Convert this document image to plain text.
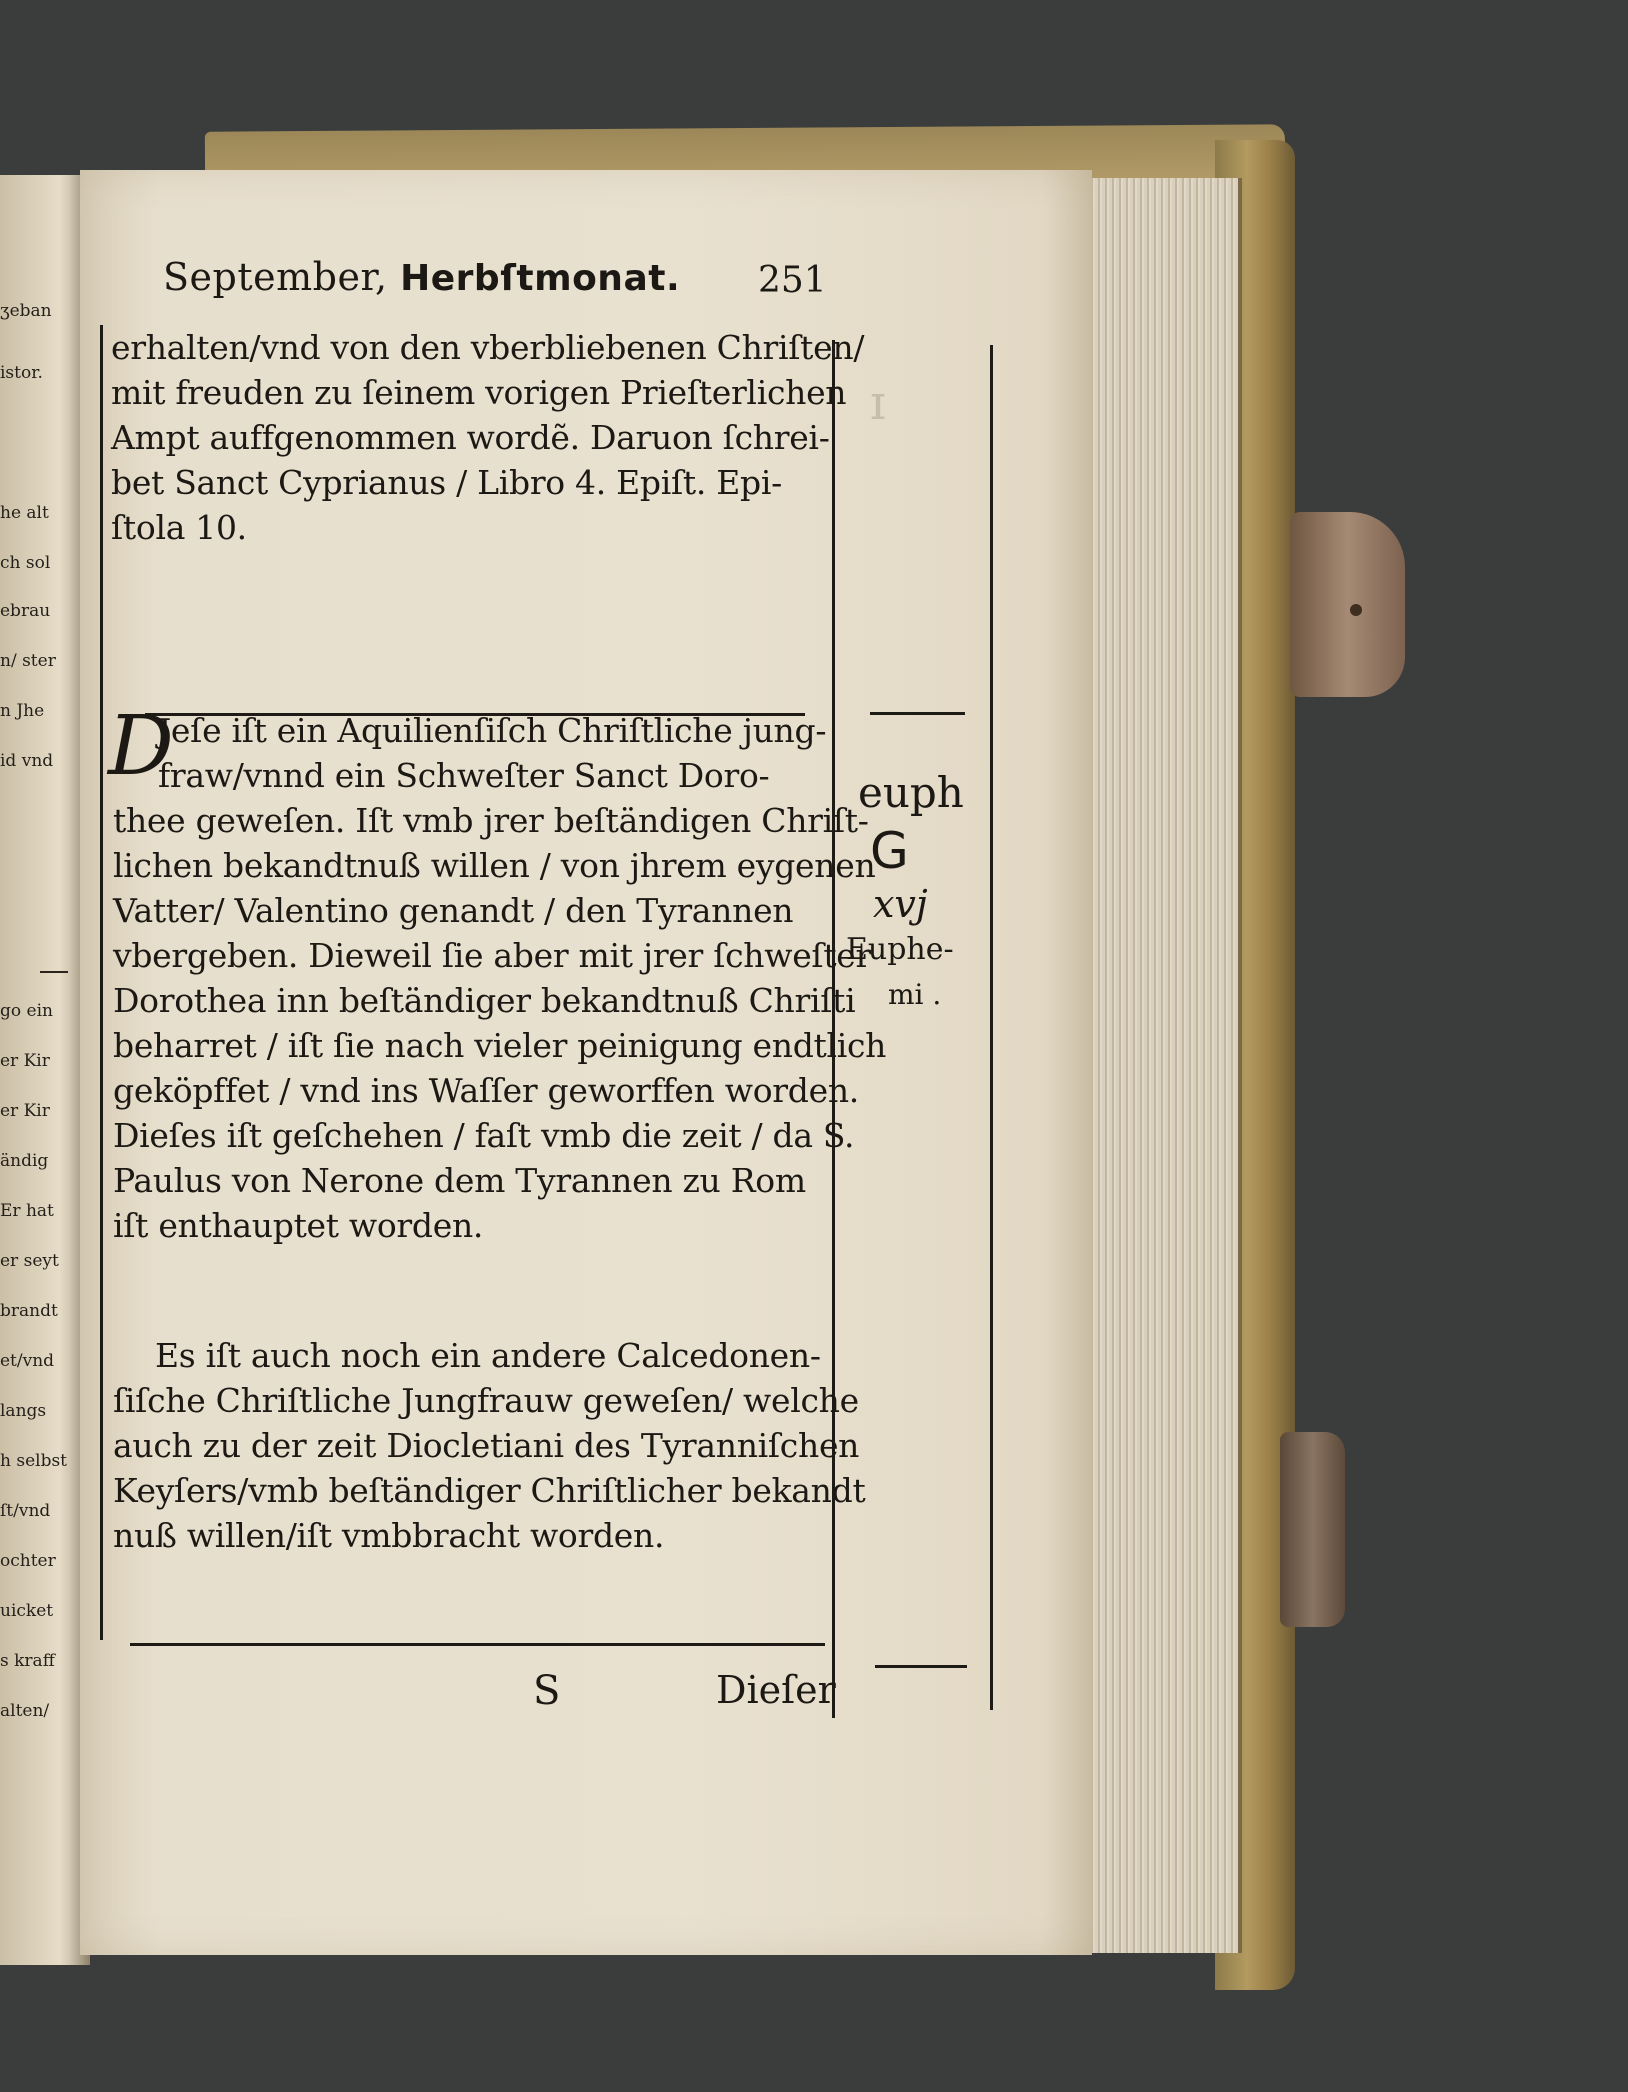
ʒeban
istor.
he alt
ch sol
ebrau
n/ ster
n Jhe
id vnd
go ein
er Kir
er Kir
ändig
Er hat
er seyt
brandt
et/vnd
langs
h selbst
ſt/vnd
ochter
uicket
s kraff
alten/
ɪ
September, Herbſtmonat. 251
erhalten/vnd von den vberbliebenen Chriſten/
mit freuden zu ſeinem vorigen Prieſterlichen
Ampt auffgenommen wordẽ. Daruon ſchrei-
bet Sanct Cyprianus / Libro 4. Epiſt. Epi-
ſtola 10.
D
Jeſe iſt ein Aquilienſiſch Chriſtliche jung-
fraw/vnnd ein Schweſter Sanct Doro-
thee geweſen. Iſt vmb jrer beſtändigen Chriſt-
lichen bekandtnuß willen / von jhrem eygenen
Vatter/ Valentino genandt / den Tyrannen
vbergeben. Dieweil ſie aber mit jrer ſchweſter
Dorothea inn beſtändiger bekandtnuß Chriſti
beharret / iſt ſie nach vieler peinigung endtlich
geköpffet / vnd ins Waſſer geworffen worden.
Dieſes iſt geſchehen / faſt vmb die zeit / da S.
Paulus von Nerone dem Tyrannen zu Rom
iſt enthauptet worden.
Es iſt auch noch ein andere Calcedonen-
ſiſche Chriſtliche Jungfrauw geweſen/ welche
auch zu der zeit Diocletiani des Tyranniſchen
Keyſers/vmb beſtändiger Chriſtlicher bekandt
nuß willen/iſt vmbbracht worden.
S	Dieſer
euph
G
xvj
Euphe-
mi .
